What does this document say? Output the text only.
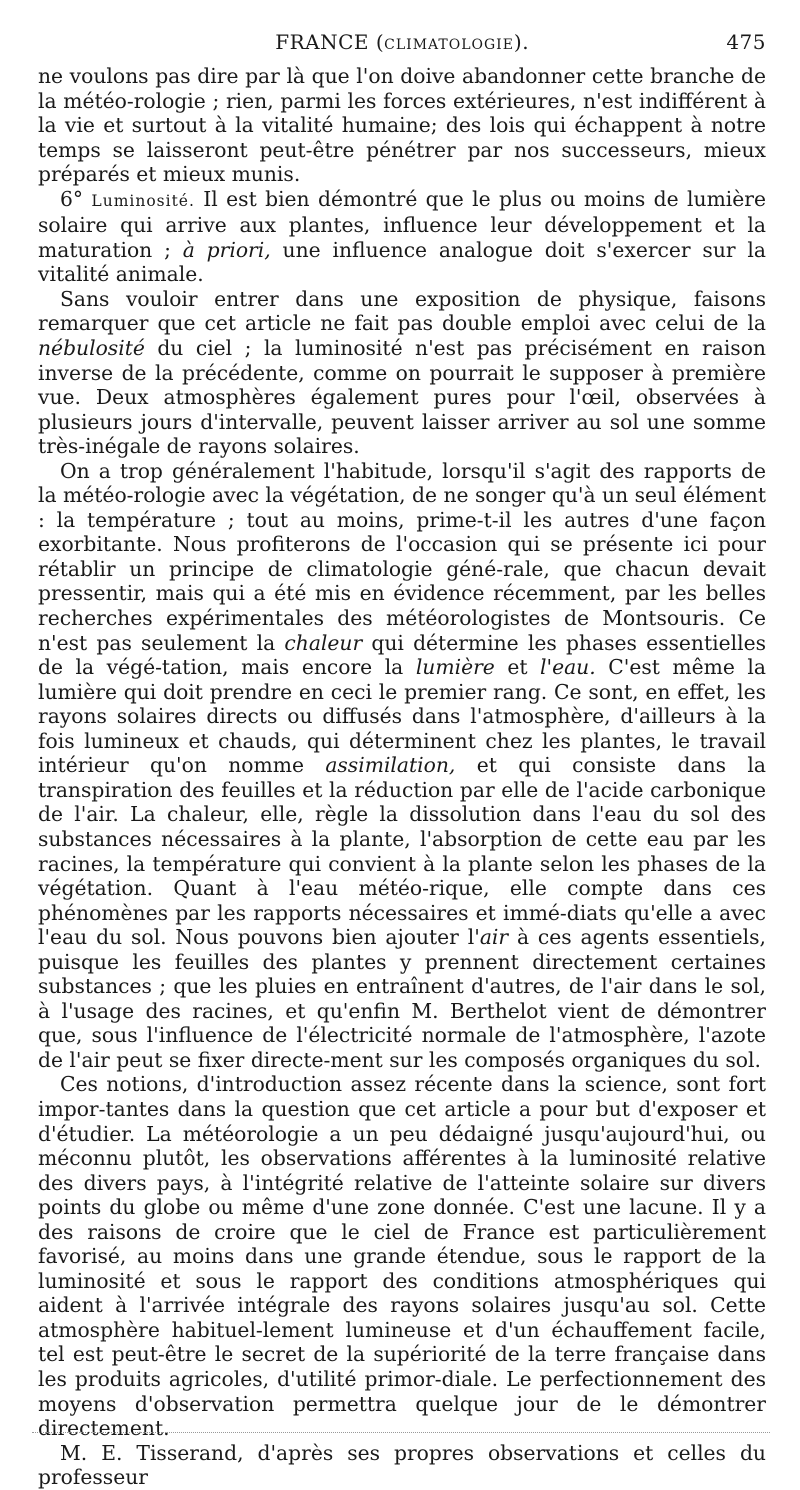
FRANCE (CLIMATOLOGIE).	475

ne voulons pas dire par là que l'on doive abandonner cette branche de la météo-rologie ; rien, parmi les forces extérieures, n'est indifférent à la vie et surtout à la vitalité humaine; des lois qui échappent à notre temps se laisseront peut-être pénétrer par nos successeurs, mieux préparés et mieux munis.

6° Luminosité. Il est bien démontré que le plus ou moins de lumière solaire qui arrive aux plantes, influence leur développement et la maturation ; à priori, une influence analogue doit s'exercer sur la vitalité animale.

Sans vouloir entrer dans une exposition de physique, faisons remarquer que cet article ne fait pas double emploi avec celui de la nébulosité du ciel ; la luminosité n'est pas précisément en raison inverse de la précédente, comme on pourrait le supposer à première vue. Deux atmosphères également pures pour l'œil, observées à plusieurs jours d'intervalle, peuvent laisser arriver au sol une somme très-inégale de rayons solaires.

On a trop généralement l'habitude, lorsqu'il s'agit des rapports de la météo-rologie avec la végétation, de ne songer qu'à un seul élément : la température ; tout au moins, prime-t-il les autres d'une façon exorbitante. Nous profiterons de l'occasion qui se présente ici pour rétablir un principe de climatologie géné-rale, que chacun devait pressentir, mais qui a été mis en évidence récemment, par les belles recherches expérimentales des météorologistes de Montsouris. Ce n'est pas seulement la chaleur qui détermine les phases essentielles de la végé-tation, mais encore la lumière et l'eau. C'est même la lumière qui doit prendre en ceci le premier rang. Ce sont, en effet, les rayons solaires directs ou diffusés dans l'atmosphère, d'ailleurs à la fois lumineux et chauds, qui déterminent chez les plantes, le travail intérieur qu'on nomme assimilation, et qui consiste dans la transpiration des feuilles et la réduction par elle de l'acide carbonique de l'air. La chaleur, elle, règle la dissolution dans l'eau du sol des substances nécessaires à la plante, l'absorption de cette eau par les racines, la température qui convient à la plante selon les phases de la végétation. Quant à l'eau météo-rique, elle compte dans ces phénomènes par les rapports nécessaires et immé-diats qu'elle a avec l'eau du sol. Nous pouvons bien ajouter l'air à ces agents essentiels, puisque les feuilles des plantes y prennent directement certaines substances ; que les pluies en entraînent d'autres, de l'air dans le sol, à l'usage des racines, et qu'enfin M. Berthelot vient de démontrer que, sous l'influence de l'électricité normale de l'atmosphère, l'azote de l'air peut se fixer directe-ment sur les composés organiques du sol.

Ces notions, d'introduction assez récente dans la science, sont fort impor-tantes dans la question que cet article a pour but d'exposer et d'étudier. La météorologie a un peu dédaigné jusqu'aujourd'hui, ou méconnu plutôt, les observations afférentes à la luminosité relative des divers pays, à l'intégrité relative de l'atteinte solaire sur divers points du globe ou même d'une zone donnée. C'est une lacune. Il y a des raisons de croire que le ciel de France est particulièrement favorisé, au moins dans une grande étendue, sous le rapport de la luminosité et sous le rapport des conditions atmosphériques qui aident à l'arrivée intégrale des rayons solaires jusqu'au sol. Cette atmosphère habituel-lement lumineuse et d'un échauffement facile, tel est peut-être le secret de la supériorité de la terre française dans les produits agricoles, d'utilité primor-diale. Le perfectionnement des moyens d'observation permettra quelque jour de le démontrer directement.

M. E. Tisserand, d'après ses propres observations et celles du professeur
